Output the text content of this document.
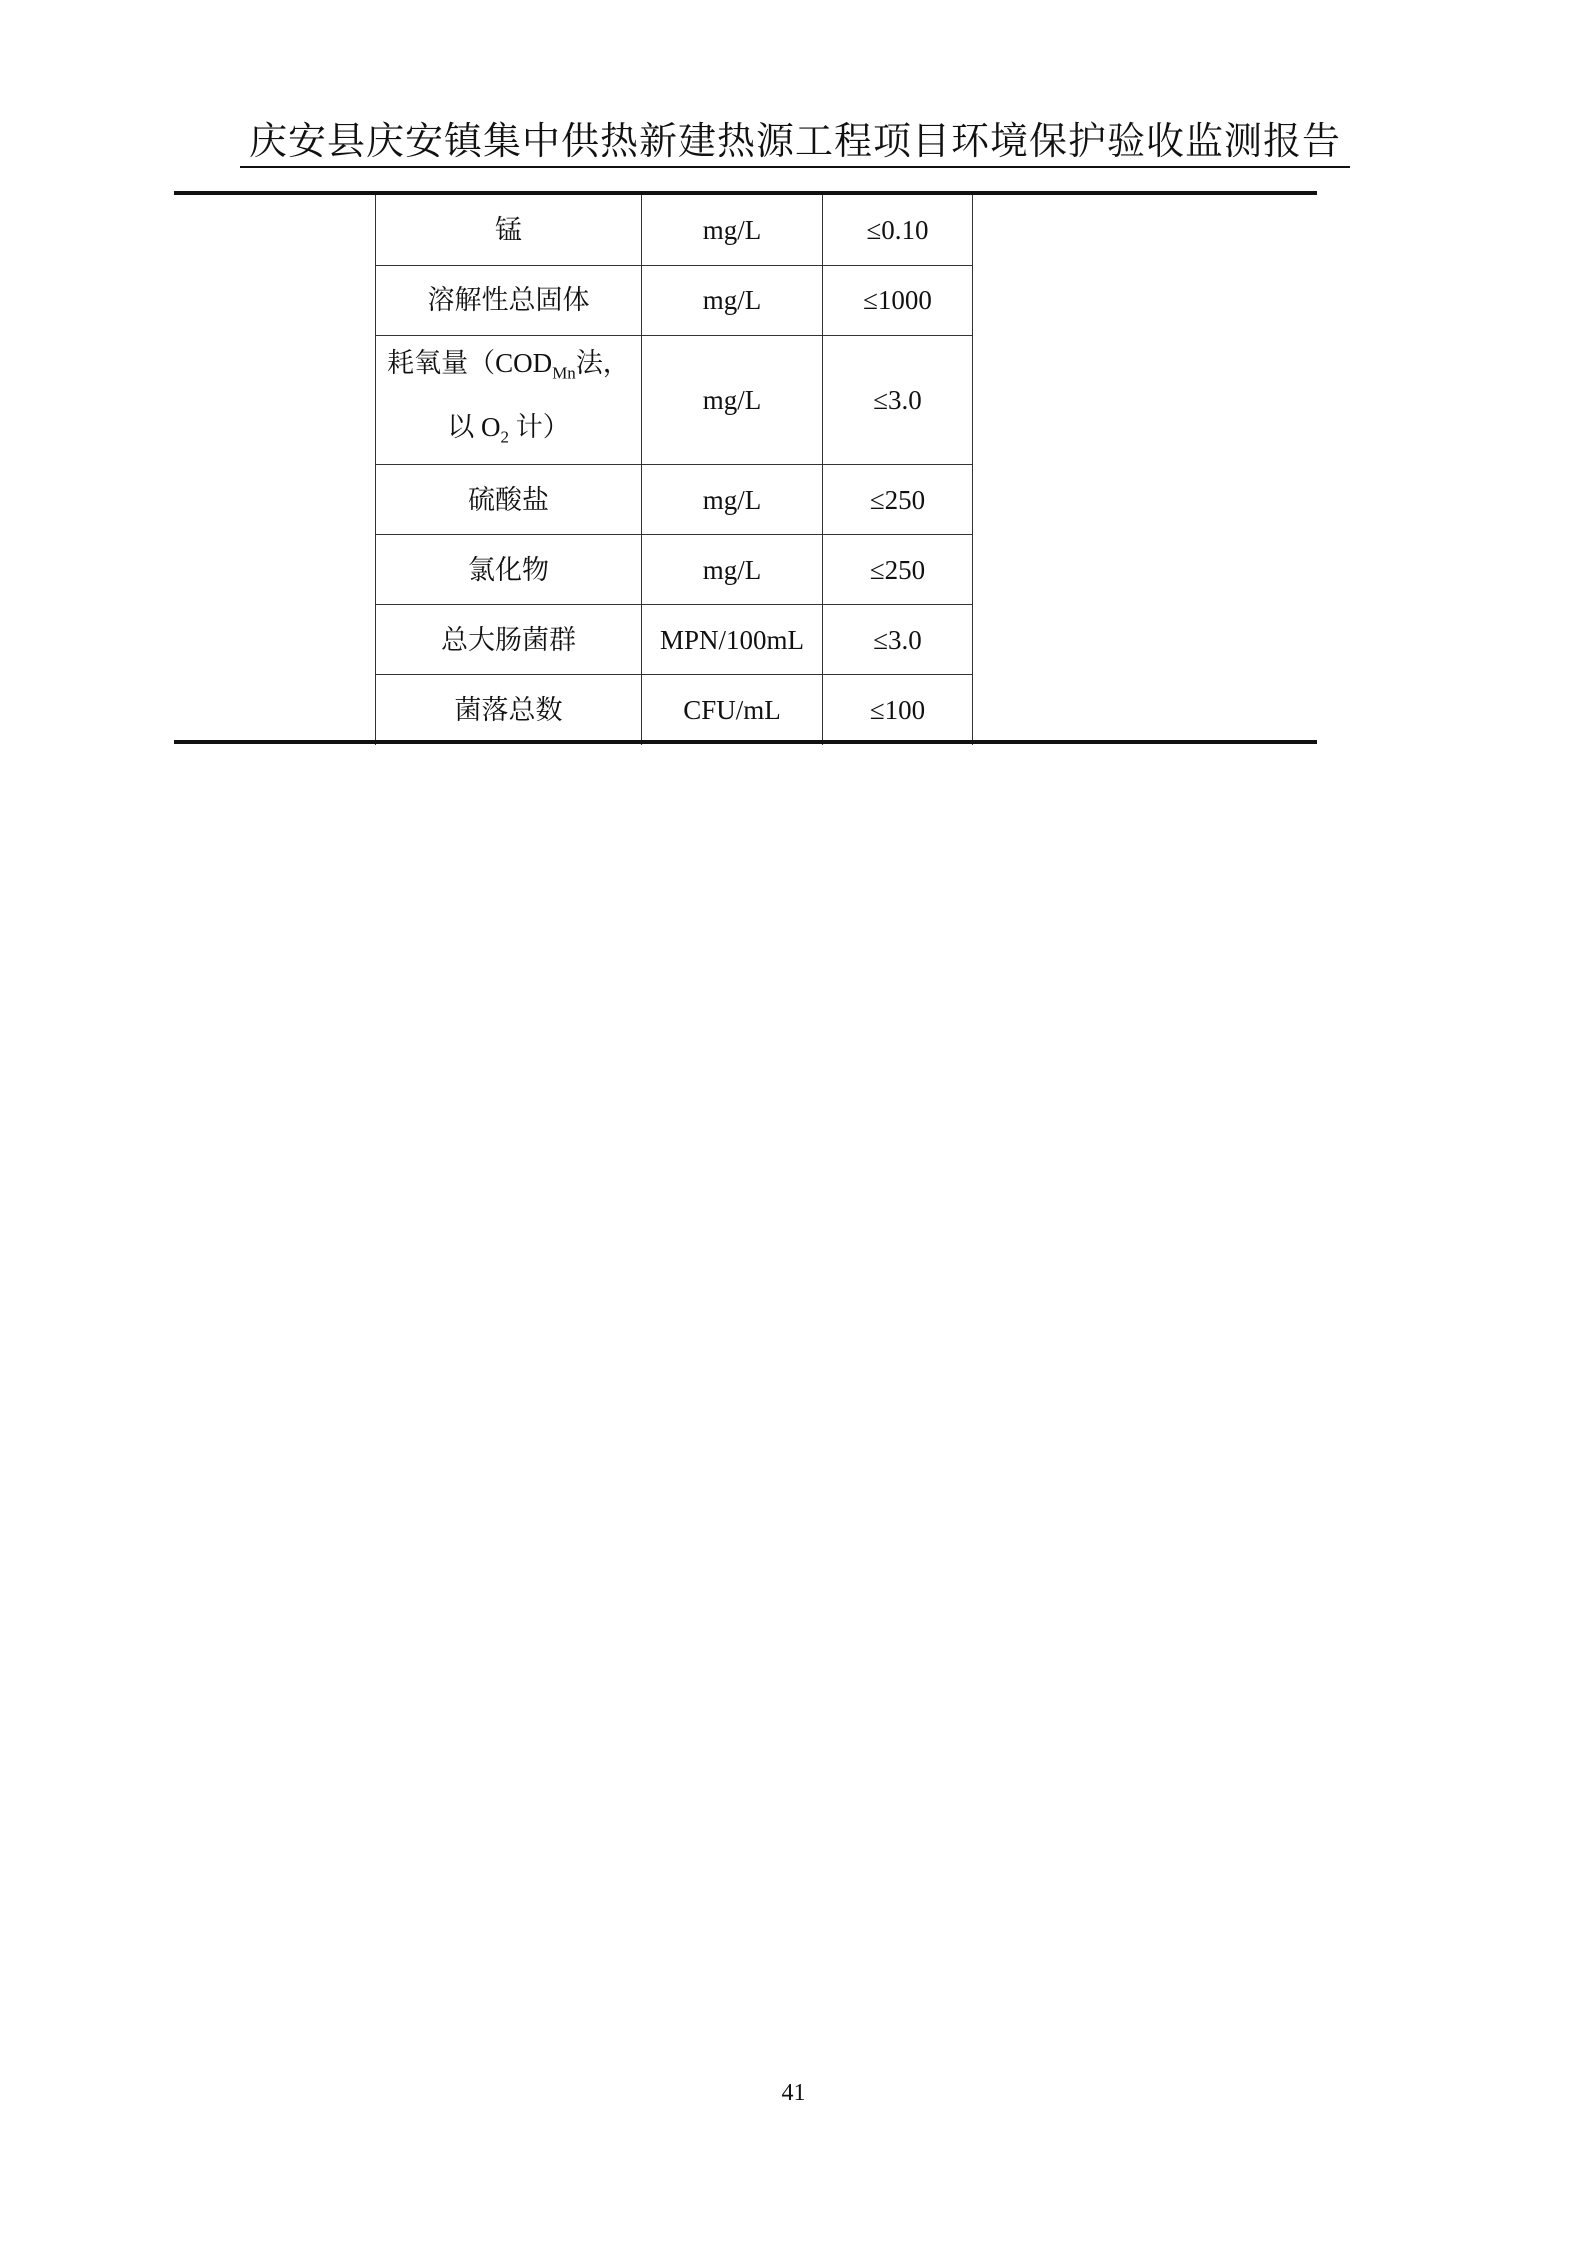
庆安县庆安镇集中供热新建热源工程项目环境保护验收监测报告
锰	mg/L	≤0.10
溶解性总固体	mg/L	≤1000

耗氧量（$COD_{Mn}$法，
以 $O_2$ 计）	mg/L	≤3.0
硫酸盐	mg/L	≤250
氯化物	mg/L	≤250
总大肠菌群	MPN/100mL	≤3.0
菌落总数	CFU/mL	≤100
41
